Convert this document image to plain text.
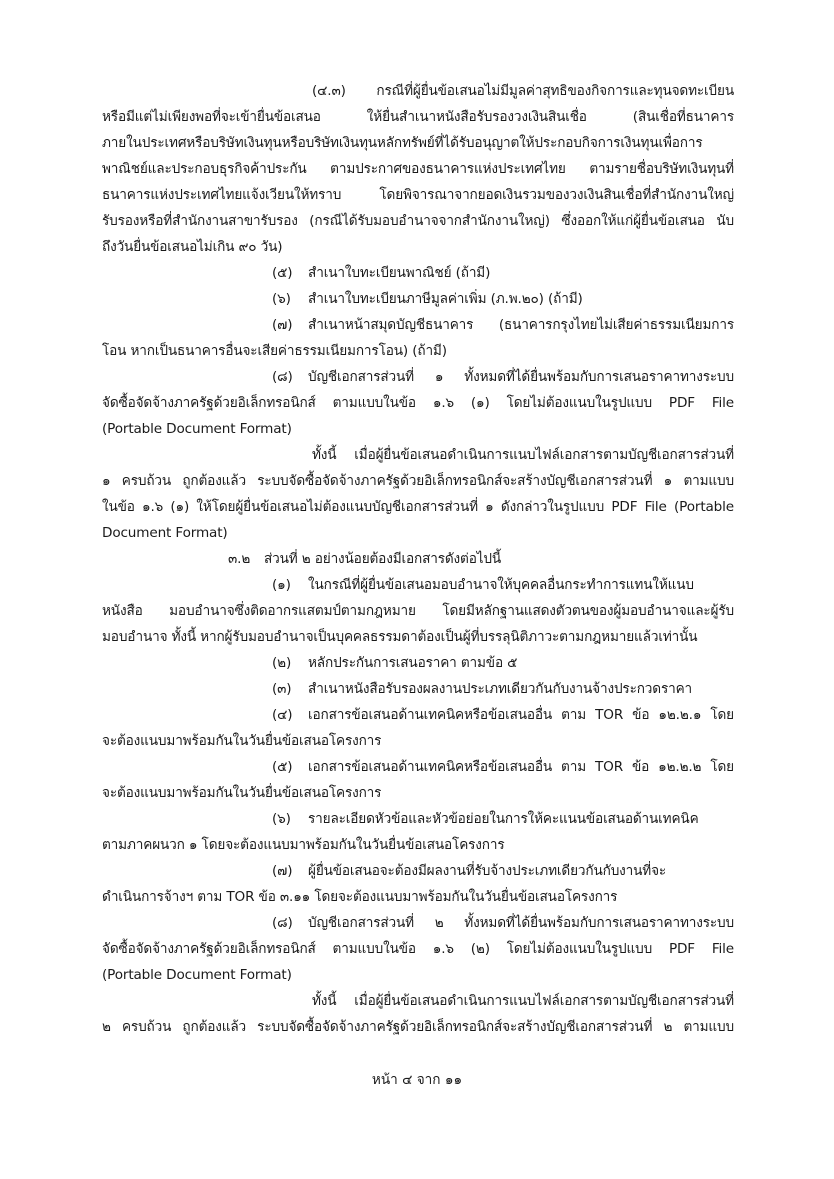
(๔.๓) กรณีที่ผู้ยื่นข้อเสนอไม่มีมูลค่าสุทธิของกิจการและทุนจดทะเบียน
หรือมีแต่ไม่เพียงพอที่จะเข้ายื่นข้อเสนอ ให้ยื่นสำเนาหนังสือรับรองวงเงินสินเชื่อ (สินเชื่อที่ธนาคาร
ภายในประเทศหรือบริษัทเงินทุนหรือบริษัทเงินทุนหลักทรัพย์ที่ได้รับอนุญาตให้ประกอบกิจการเงินทุนเพื่อการ
พาณิชย์และประกอบธุรกิจค้าประกัน ตามประกาศของธนาคารแห่งประเทศไทย ตามรายชื่อบริษัทเงินทุนที่
ธนาคารแห่งประเทศไทยแจ้งเวียนให้ทราบ โดยพิจารณาจากยอดเงินรวมของวงเงินสินเชื่อที่สำนักงานใหญ่
รับรองหรือที่สำนักงานสาขารับรอง (กรณีได้รับมอบอำนาจจากสำนักงานใหญ่) ซึ่งออกให้แก่ผู้ยื่นข้อเสนอ นับ
ถึงวันยื่นข้อเสนอไม่เกิน ๙๐ วัน)
(๕) สำเนาใบทะเบียนพาณิชย์ (ถ้ามี)
(๖) สำเนาใบทะเบียนภาษีมูลค่าเพิ่ม (ภ.พ.๒๐) (ถ้ามี)
(๗) สำเนาหน้าสมุดบัญชีธนาคาร (ธนาคารกรุงไทยไม่เสียค่าธรรมเนียมการ
โอน หากเป็นธนาคารอื่นจะเสียค่าธรรมเนียมการโอน) (ถ้ามี)
(๘) บัญชีเอกสารส่วนที่ ๑ ทั้งหมดที่ได้ยื่นพร้อมกับการเสนอราคาทางระบบ
จัดซื้อจัดจ้างภาครัฐด้วยอิเล็กทรอนิกส์ ตามแบบในข้อ ๑.๖ (๑) โดยไม่ต้องแนบในรูปแบบ PDF File
(Portable Document Format)
ทั้งนี้ เมื่อผู้ยื่นข้อเสนอดำเนินการแนบไฟล์เอกสารตามบัญชีเอกสารส่วนที่
๑ ครบถ้วน ถูกต้องแล้ว ระบบจัดซื้อจัดจ้างภาครัฐด้วยอิเล็กทรอนิกส์จะสร้างบัญชีเอกสารส่วนที่ ๑ ตามแบบ
ในข้อ ๑.๖ (๑) ให้โดยผู้ยื่นข้อเสนอไม่ต้องแนบบัญชีเอกสารส่วนที่ ๑ ดังกล่าวในรูปแบบ PDF File (Portable
Document Format)
๓.๒ ส่วนที่ ๒ อย่างน้อยต้องมีเอกสารดังต่อไปนี้
(๑) ในกรณีที่ผู้ยื่นข้อเสนอมอบอำนาจให้บุคคลอื่นกระทำการแทนให้แนบ
หนังสือ มอบอำนาจซึ่งติดอากรแสตมป์ตามกฎหมาย โดยมีหลักฐานแสดงตัวตนของผู้มอบอำนาจและผู้รับ
มอบอำนาจ ทั้งนี้ หากผู้รับมอบอำนาจเป็นบุคคลธรรมดาต้องเป็นผู้ที่บรรลุนิติภาวะตามกฎหมายแล้วเท่านั้น
(๒) หลักประกันการเสนอราคา ตามข้อ ๕
(๓) สำเนาหนังสือรับรองผลงานประเภทเดียวกันกับงานจ้างประกวดราคา
(๔) เอกสารข้อเสนอด้านเทคนิคหรือข้อเสนออื่น ตาม TOR ข้อ ๑๒.๒.๑ โดย
จะต้องแนบมาพร้อมกันในวันยื่นข้อเสนอโครงการ
(๕) เอกสารข้อเสนอด้านเทคนิคหรือข้อเสนออื่น ตาม TOR ข้อ ๑๒.๒.๒ โดย
จะต้องแนบมาพร้อมกันในวันยื่นข้อเสนอโครงการ
(๖) รายละเอียดหัวข้อและหัวข้อย่อยในการให้คะแนนข้อเสนอด้านเทคนิค
ตามภาคผนวก ๑ โดยจะต้องแนบมาพร้อมกันในวันยื่นข้อเสนอโครงการ
(๗) ผู้ยื่นข้อเสนอจะต้องมีผลงานที่รับจ้างประเภทเดียวกันกับงานที่จะ
ดำเนินการจ้างฯ ตาม TOR ข้อ ๓.๑๑ โดยจะต้องแนบมาพร้อมกันในวันยื่นข้อเสนอโครงการ
(๘) บัญชีเอกสารส่วนที่ ๒ ทั้งหมดที่ได้ยื่นพร้อมกับการเสนอราคาทางระบบ
จัดซื้อจัดจ้างภาครัฐด้วยอิเล็กทรอนิกส์ ตามแบบในข้อ ๑.๖ (๒) โดยไม่ต้องแนบในรูปแบบ PDF File
(Portable Document Format)
ทั้งนี้ เมื่อผู้ยื่นข้อเสนอดำเนินการแนบไฟล์เอกสารตามบัญชีเอกสารส่วนที่
๒ ครบถ้วน ถูกต้องแล้ว ระบบจัดซื้อจัดจ้างภาครัฐด้วยอิเล็กทรอนิกส์จะสร้างบัญชีเอกสารส่วนที่ ๒ ตามแบบ
หน้า ๔ จาก ๑๑
